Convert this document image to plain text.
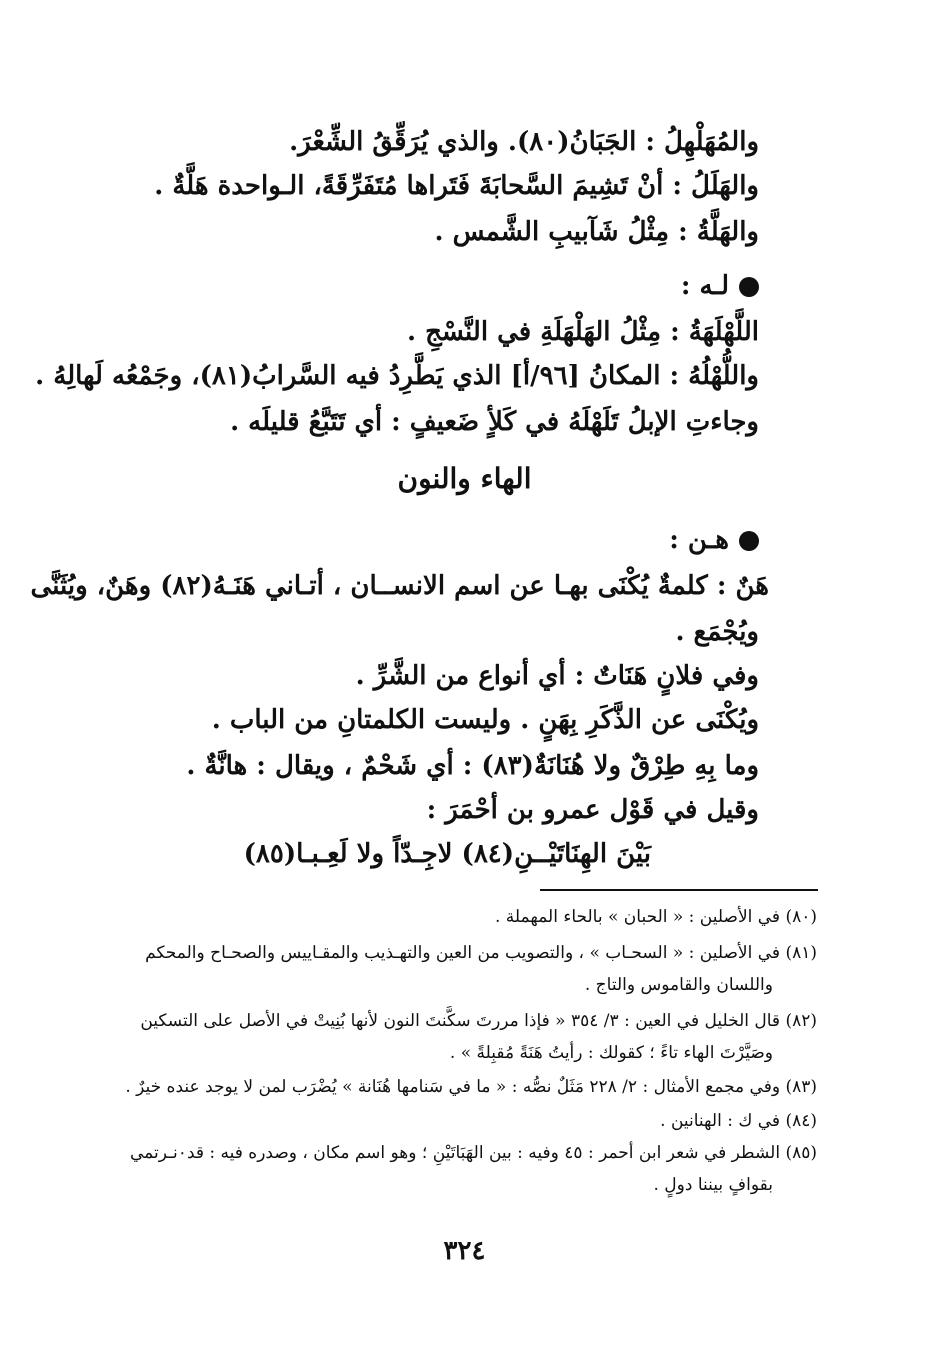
والمُهَلْهِلُ : الجَبَانُ(٨٠). والذي يُرَقِّقُ الشِّعْرَ.
والهَلَلُ : أنْ تَشِيمَ السَّحابَةَ فَتَراها مُتَفَرِّقَةً، الـواحدة هَلَّةٌ .
والهَلَّةُ : مِثْلُ شَآبيبِ الشَّمس .
لـه :
اللَّهْلَهَةُ : مِثْلُ الهَلْهَلَةِ في النَّسْجِ .
واللُّهْلُهُ : المكانُ [٩٦/أ] الذي يَطَّرِدُ فيه السَّرابُ(٨١)، وجَمْعُه لَهالِهُ .
وجاءتِ الإبلُ تَلَهْلَهُ في كَلأٍ ضَعيفٍ : أي تَتَبَّعُ قليلَه .
الهاء والنون
هـن :
هَنٌ : كلمةٌ يُكْنَى بهـا عن اسم الانســان ، أتـاني هَنَـهُ(٨٢) وهَنٌ، ويُثَنَّى
ويُجْمَع .
وفي فلانٍ هَنَاتٌ : أي أنواع من الشَّرِّ .
ويُكْنَى عن الذَّكَرِ بِهَنٍ . وليست الكلمتانِ من الباب .
وما بِهِ طِرْقٌ ولا هُنَانَةٌ(٨٣) : أي شَحْمٌ ، ويقال : هانَّةٌ .
وقيل في قَوْل عمرو بن أحْمَرَ :
بَيْنَ الهِنَاتَيْــنِ(٨٤) لاجِـدّاً ولا لَعِـبـا(٨٥)
(٨٠) في الأصلين : « الحبان » بالحاء المهملة .
(٨١) في الأصلين : « السحـاب » ، والتصويب من العين والتهـذيب والمقـاييس والصحـاح والمحكم
واللسان والقاموس والتاج .
(٨٢) قال الخليل في العين : ٣/ ٣٥٤ « فإذا مررتَ سكَّنتَ النون لأنها بُنِيتْ في الأصل على التسكين
وصَيَّرْتَ الهاء تاءً ؛ كقولك : رأيتُ هَنَةً مُقبِلةً » .
(٨٣) وفي مجمع الأمثال : ٢/ ٢٢٨ مَثَلٌ نصُّه : « ما في سَنامها هُنَانة » يُضْرَب لمن لا يوجد عنده خيرٌ .
(٨٤) في ك : الهنانين .
(٨٥) الشطر في شعر ابن أحمر : ٤٥ وفيه : بين الهَبَاتَيْنِ ؛ وهو اسم مكان ، وصدره فيه : قد٠نـرتمي
بقوافٍ بيننا دولٍ .
٣٢٤
